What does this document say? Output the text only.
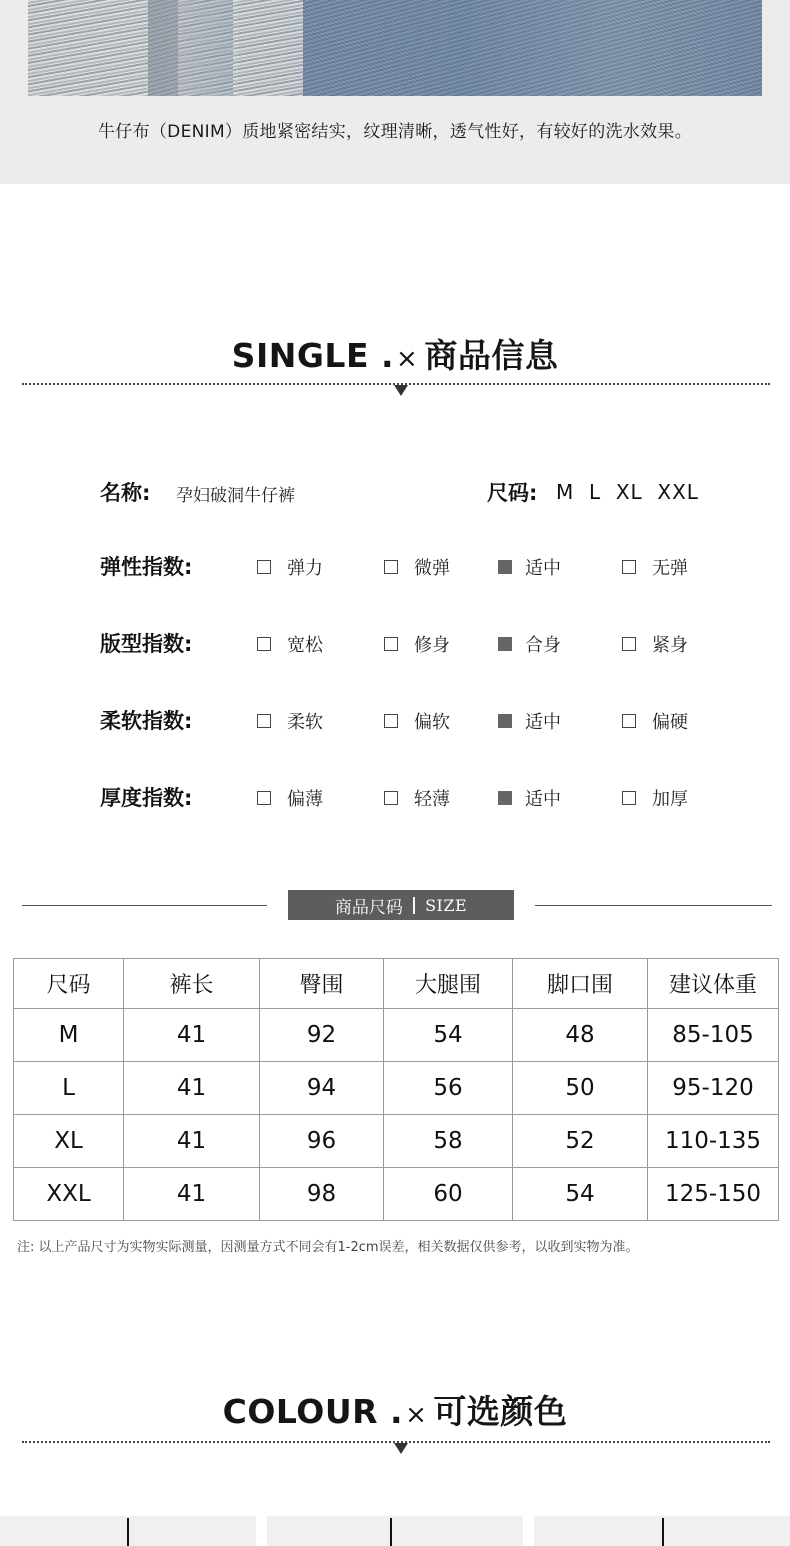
牛仔布（DENIM）质地紧密结实，纹理清晰，透气性好，有较好的洗水效果。
SINGLE .× 商品信息
名称: 孕妇破洞牛仔裤	尺码: M  L  XL  XXL
弹性指数:	弹力	微弹	适中	无弹
版型指数:	宽松	修身	合身	紧身
柔软指数:	柔软	偏软	适中	偏硬
厚度指数:	偏薄	轻薄	适中	加厚
商品尺码 | SIZE
尺码	裤长	臀围	大腿围	脚口围	建议体重
M	41	92	54	48	85-105
L	41	94	56	50	95-120
XL	41	96	58	52	110-135
XXL	41	98	60	54	125-150
注: 以上产品尺寸为实物实际测量，因测量方式不同会有1-2cm误差，相关数据仅供参考，以收到实物为准。
COLOUR .× 可选颜色
